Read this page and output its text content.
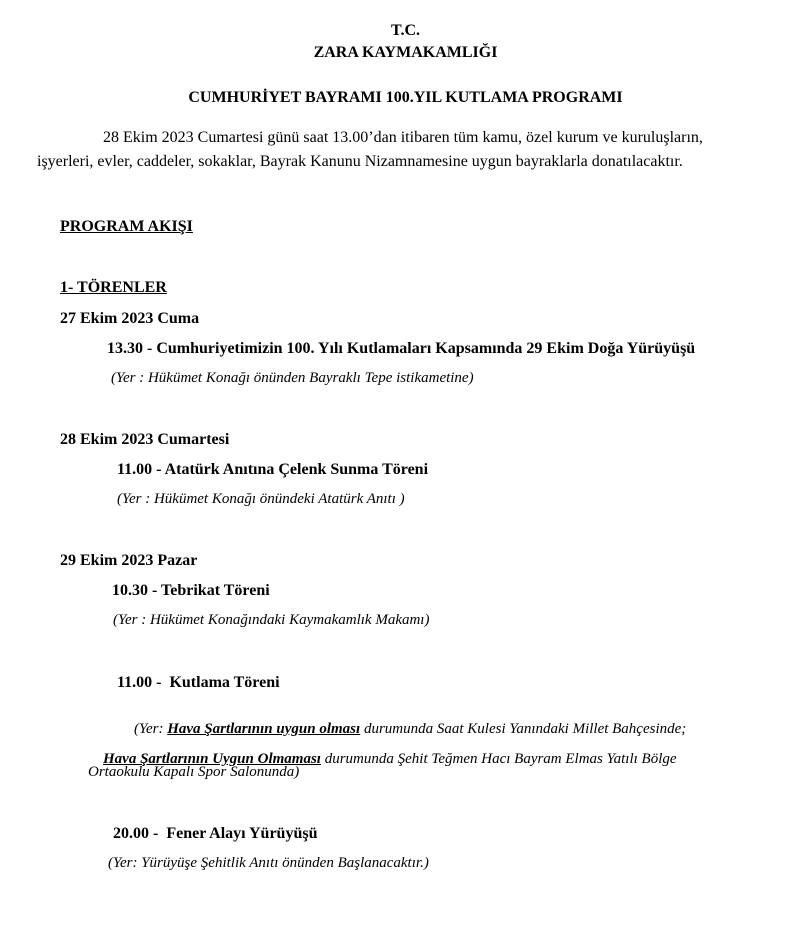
T.C.
ZARA KAYMAKAMLIĞI
CUMHURİYET BAYRAMI 100.YIL KUTLAMA PROGRAMI
28 Ekim 2023 Cumartesi günü saat 13.00’dan itibaren tüm kamu, özel kurum ve kuruluşların,
işyerleri, evler, caddeler, sokaklar, Bayrak Kanunu Nizamnamesine uygun bayraklarla donatılacaktır.
PROGRAM AKIŞI
1- TÖRENLER
27 Ekim 2023 Cuma
13.30 - Cumhuriyetimizin 100. Yılı Kutlamaları Kapsamında 29 Ekim Doğa Yürüyüşü
(Yer : Hükümet Konağı önünden Bayraklı Tepe istikametine)
28 Ekim 2023 Cumartesi
11.00 - Atatürk Anıtına Çelenk Sunma Töreni
(Yer : Hükümet Konağı önündeki Atatürk Anıtı )
29 Ekim 2023 Pazar
10.30 - Tebrikat Töreni
(Yer : Hükümet Konağındaki Kaymakamlık Makamı)
11.00 -  Kutlama Töreni

(Yer: Hava Şartlarının uygun olması durumunda Saat Kulesi Yanındaki Millet Bahçesinde;

Hava Şartlarının Uygun Olmaması durumunda Şehit Teğmen Hacı Bayram Elmas Yatılı Bölge

Ortaokulu Kapalı Spor Salonunda)
20.00 -  Fener Alayı Yürüyüşü
(Yer: Yürüyüşe Şehitlik Anıtı önünden Başlanacaktır.)
